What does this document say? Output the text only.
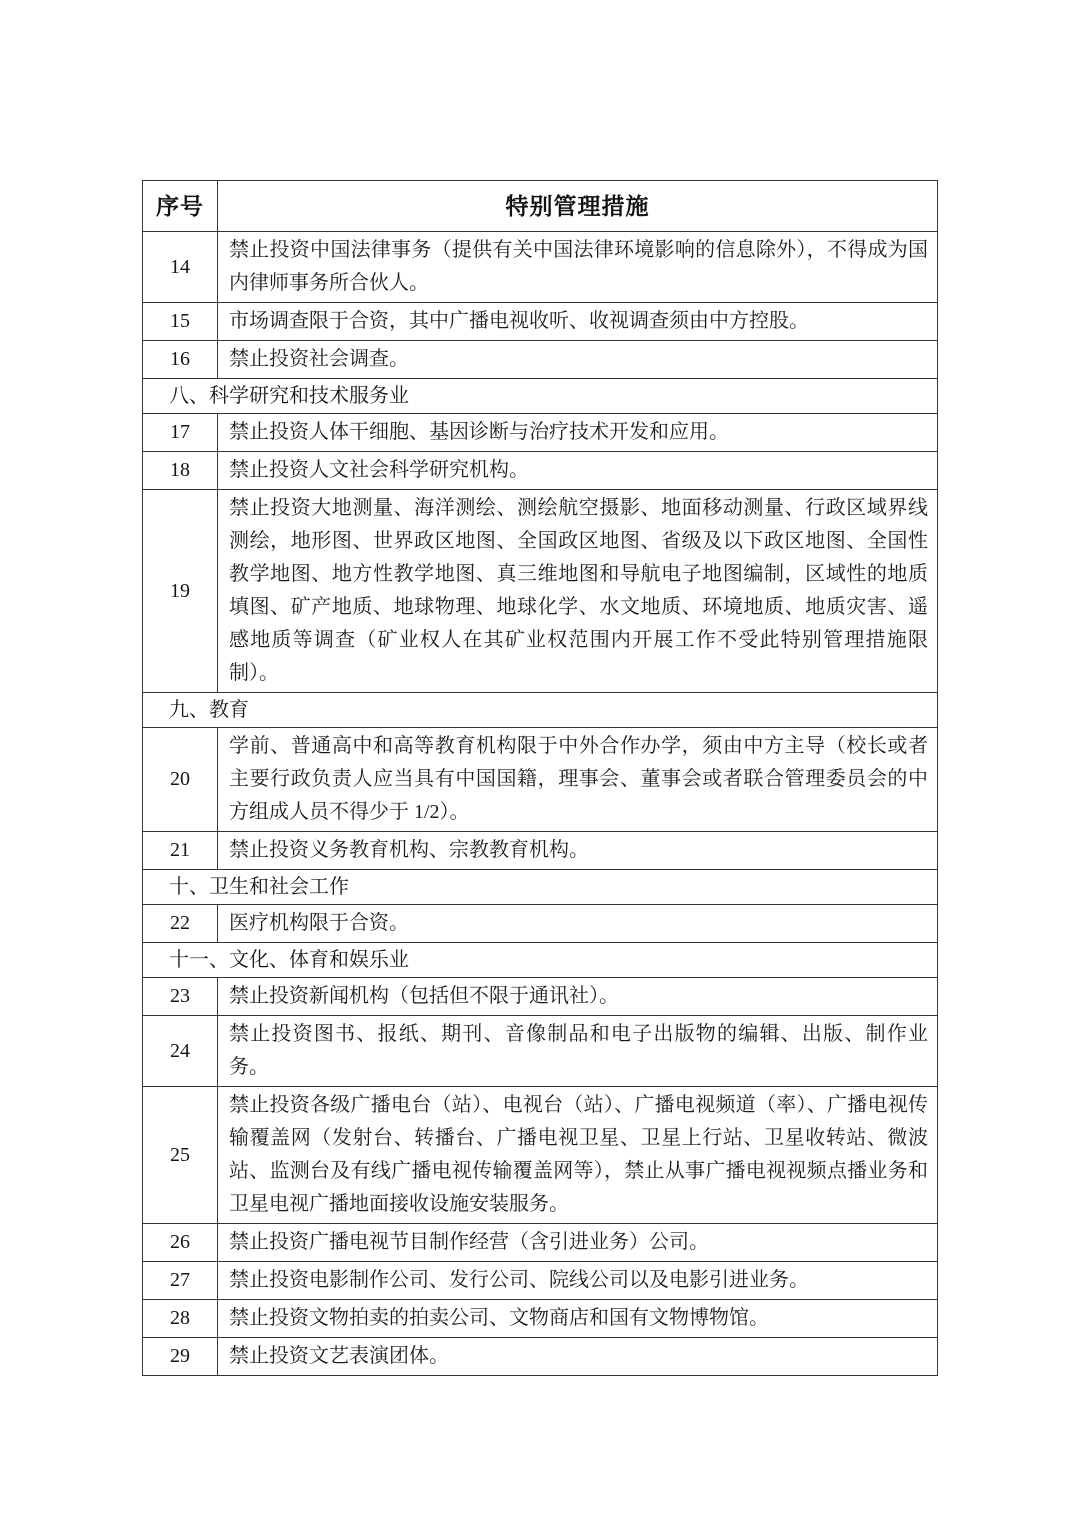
序号	特别管理措施
14	禁止投资中国法律事务（提供有关中国法律环境影响的信息除外），不得成为国内律师事务所合伙人。
15	市场调查限于合资，其中广播电视收听、收视调查须由中方控股。
16	禁止投资社会调查。
八、科学研究和技术服务业	
17	禁止投资人体干细胞、基因诊断与治疗技术开发和应用。
18	禁止投资人文社会科学研究机构。
19	禁止投资大地测量、海洋测绘、测绘航空摄影、地面移动测量、行政区域界线测绘，地形图、世界政区地图、全国政区地图、省级及以下政区地图、全国性教学地图、地方性教学地图、真三维地图和导航电子地图编制，区域性的地质填图、矿产地质、地球物理、地球化学、水文地质、环境地质、地质灾害、遥感地质等调查（矿业权人在其矿业权范围内开展工作不受此特别管理措施限制）。
九、教育	
20	学前、普通高中和高等教育机构限于中外合作办学，须由中方主导（校长或者主要行政负责人应当具有中国国籍，理事会、董事会或者联合管理委员会的中方组成人员不得少于 1/2）。
21	禁止投资义务教育机构、宗教教育机构。
十、卫生和社会工作	
22	医疗机构限于合资。
十一、文化、体育和娱乐业	
23	禁止投资新闻机构（包括但不限于通讯社）。
24	禁止投资图书、报纸、期刊、音像制品和电子出版物的编辑、出版、制作业务。
25	禁止投资各级广播电台（站）、电视台（站）、广播电视频道（率）、广播电视传输覆盖网（发射台、转播台、广播电视卫星、卫星上行站、卫星收转站、微波站、监测台及有线广播电视传输覆盖网等），禁止从事广播电视视频点播业务和卫星电视广播地面接收设施安装服务。
26	禁止投资广播电视节目制作经营（含引进业务）公司。
27	禁止投资电影制作公司、发行公司、院线公司以及电影引进业务。
28	禁止投资文物拍卖的拍卖公司、文物商店和国有文物博物馆。
29	禁止投资文艺表演团体。
